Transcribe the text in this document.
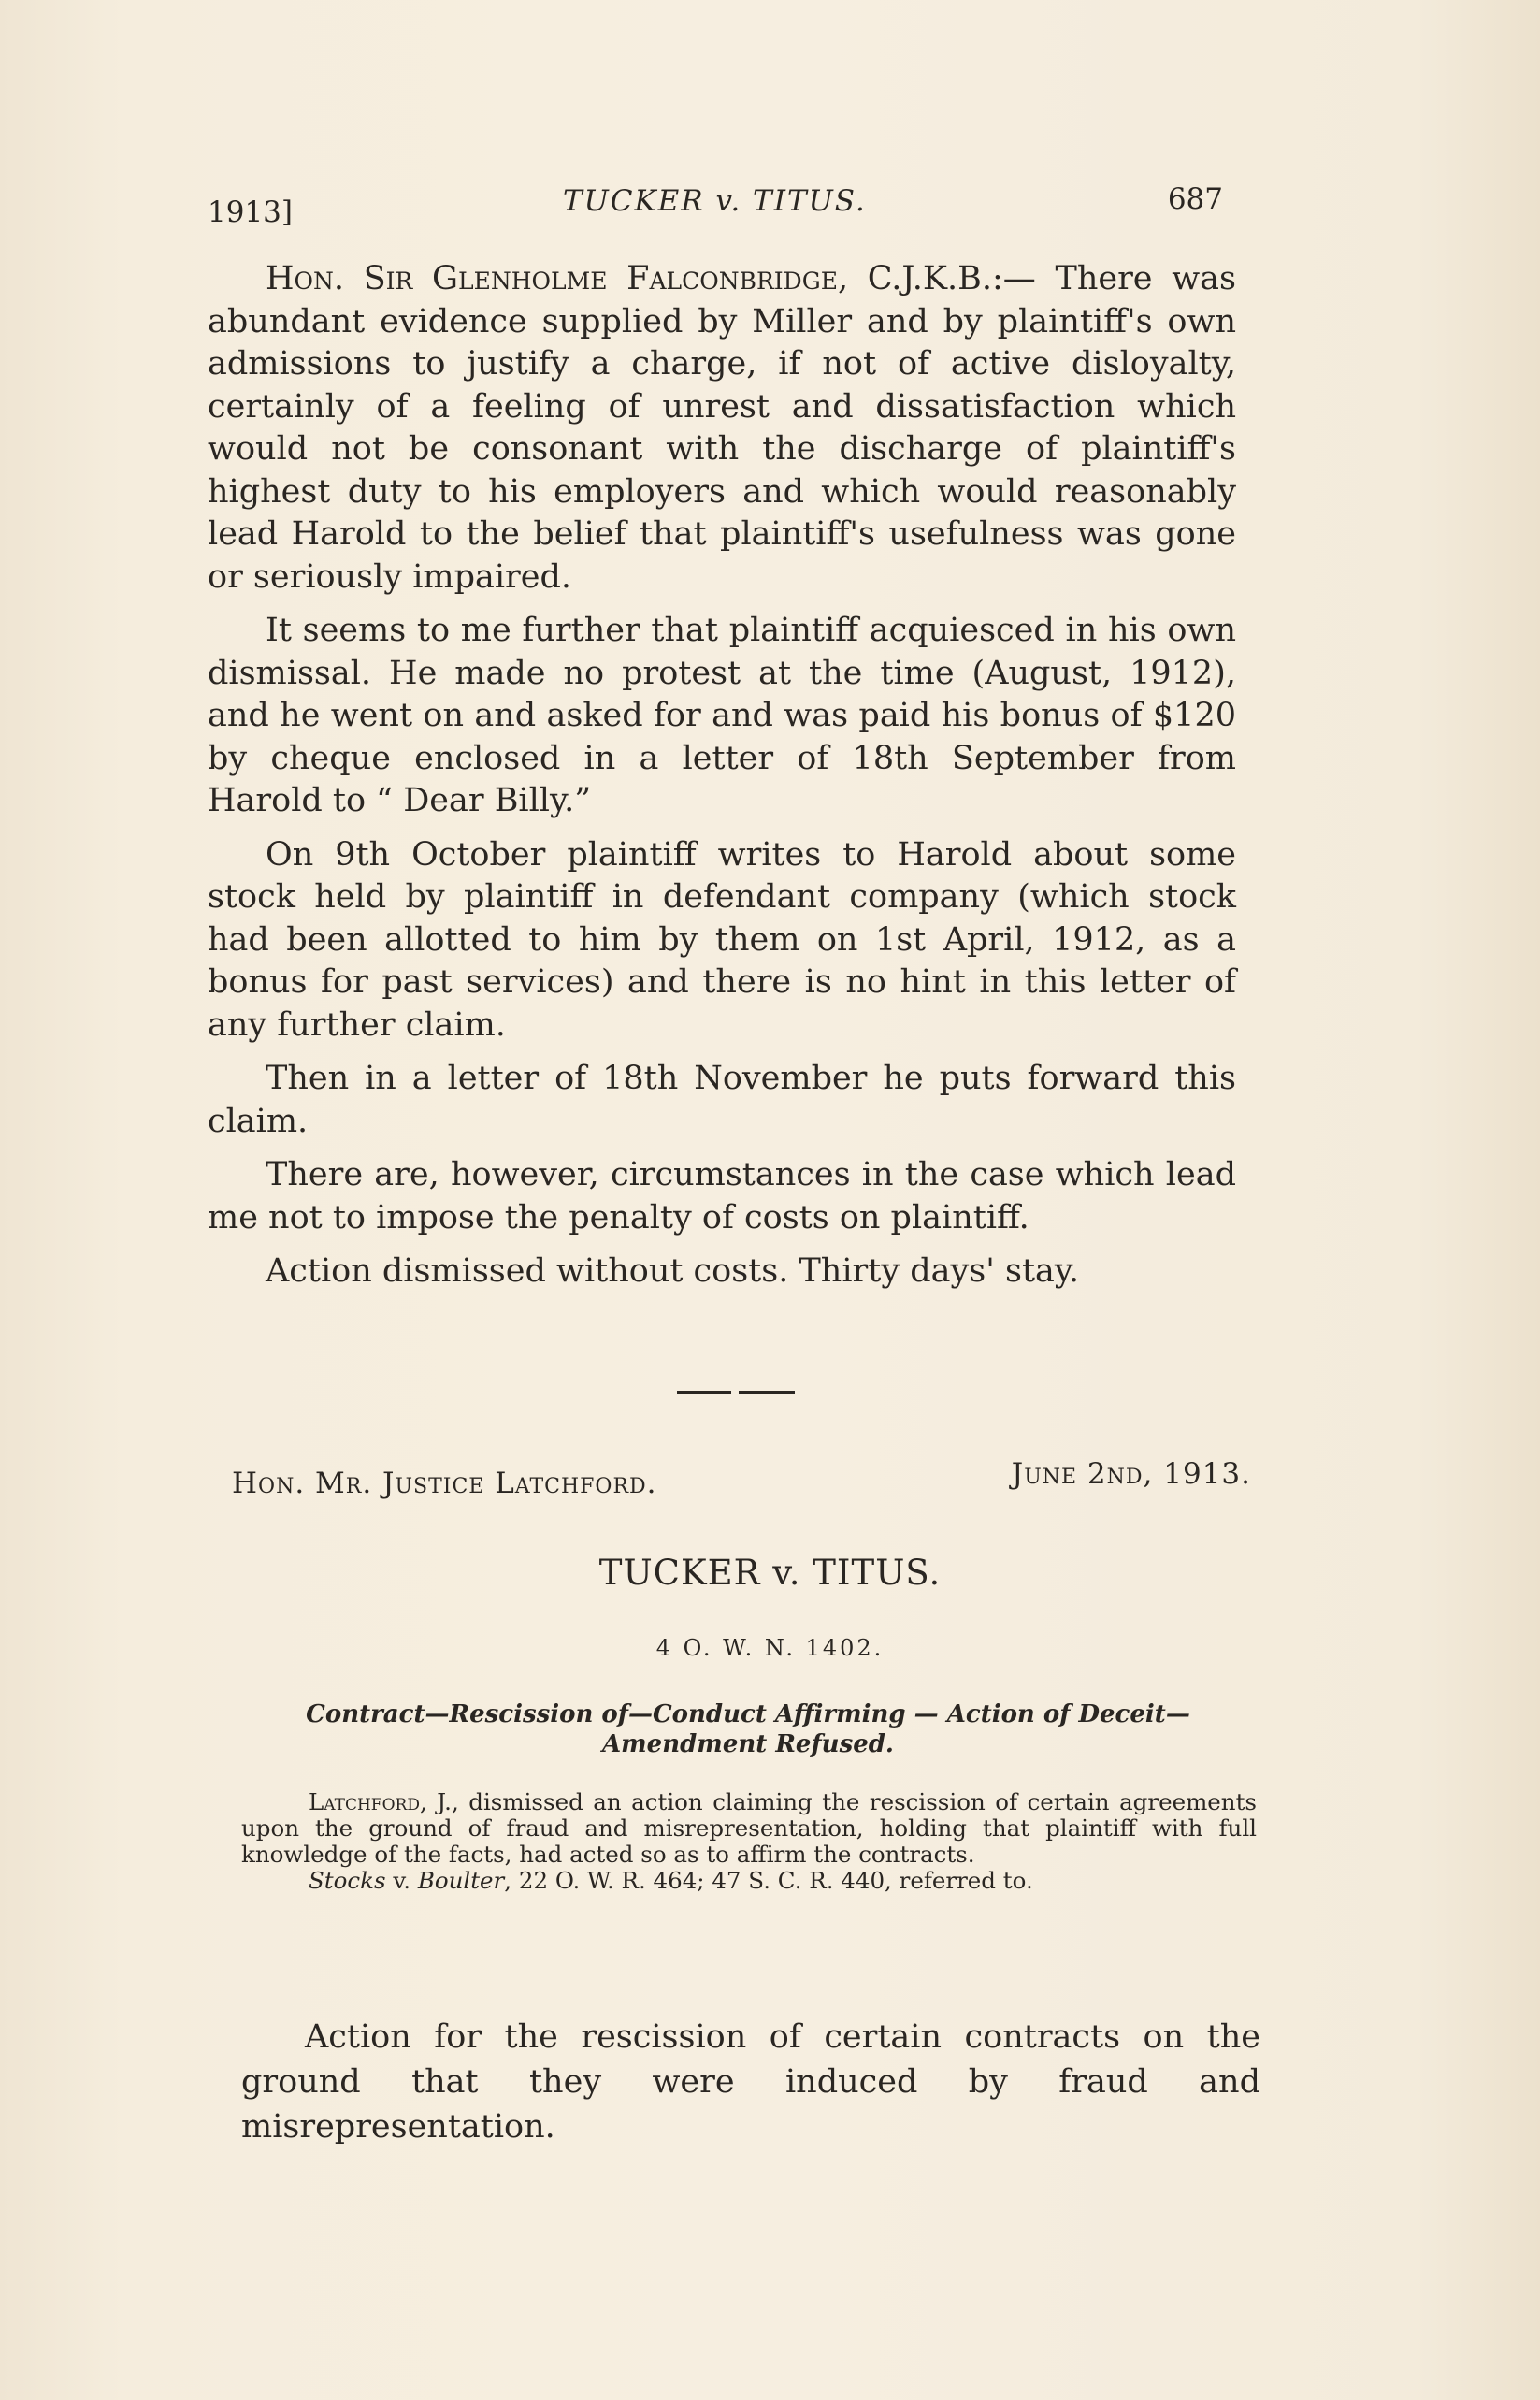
1913]	TUCKER v. TITUS.	687

Hon. Sir Glenholme Falconbridge, C.J.K.B.:— There was abundant evidence supplied by Miller and by plaintiff's own admissions to justify a charge, if not of active disloyalty, certainly of a feeling of unrest and dissatisfaction which would not be consonant with the discharge of plaintiff's highest duty to his employers and which would reasonably lead Harold to the belief that plaintiff's usefulness was gone or seriously impaired.

It seems to me further that plaintiff acquiesced in his own dismissal. He made no protest at the time (August, 1912), and he went on and asked for and was paid his bonus of $120 by cheque enclosed in a letter of 18th September from Harold to “ Dear Billy.”

On 9th October plaintiff writes to Harold about some stock held by plaintiff in defendant company (which stock had been allotted to him by them on 1st April, 1912, as a bonus for past services) and there is no hint in this letter of any further claim.

Then in a letter of 18th November he puts forward this claim.

There are, however, circumstances in the case which lead me not to impose the penalty of costs on plaintiff.

Action dismissed without costs. Thirty days' stay.

Hon. Mr. Justice Latchford.	June 2nd, 1913.
TUCKER v. TITUS.
4 O. W. N. 1402.
Contract—Rescission of—Conduct Affirming — Action of Deceit—
Amendment Refused.

Latchford, J., dismissed an action claiming the rescission of certain agreements upon the ground of fraud and misrepresentation, holding that plaintiff with full knowledge of the facts, had acted so as to affirm the contracts.

Stocks v. Boulter, 22 O. W. R. 464; 47 S. C. R. 440, referred to.

Action for the rescission of certain contracts on the ground that they were induced by fraud and misrepresentation.
